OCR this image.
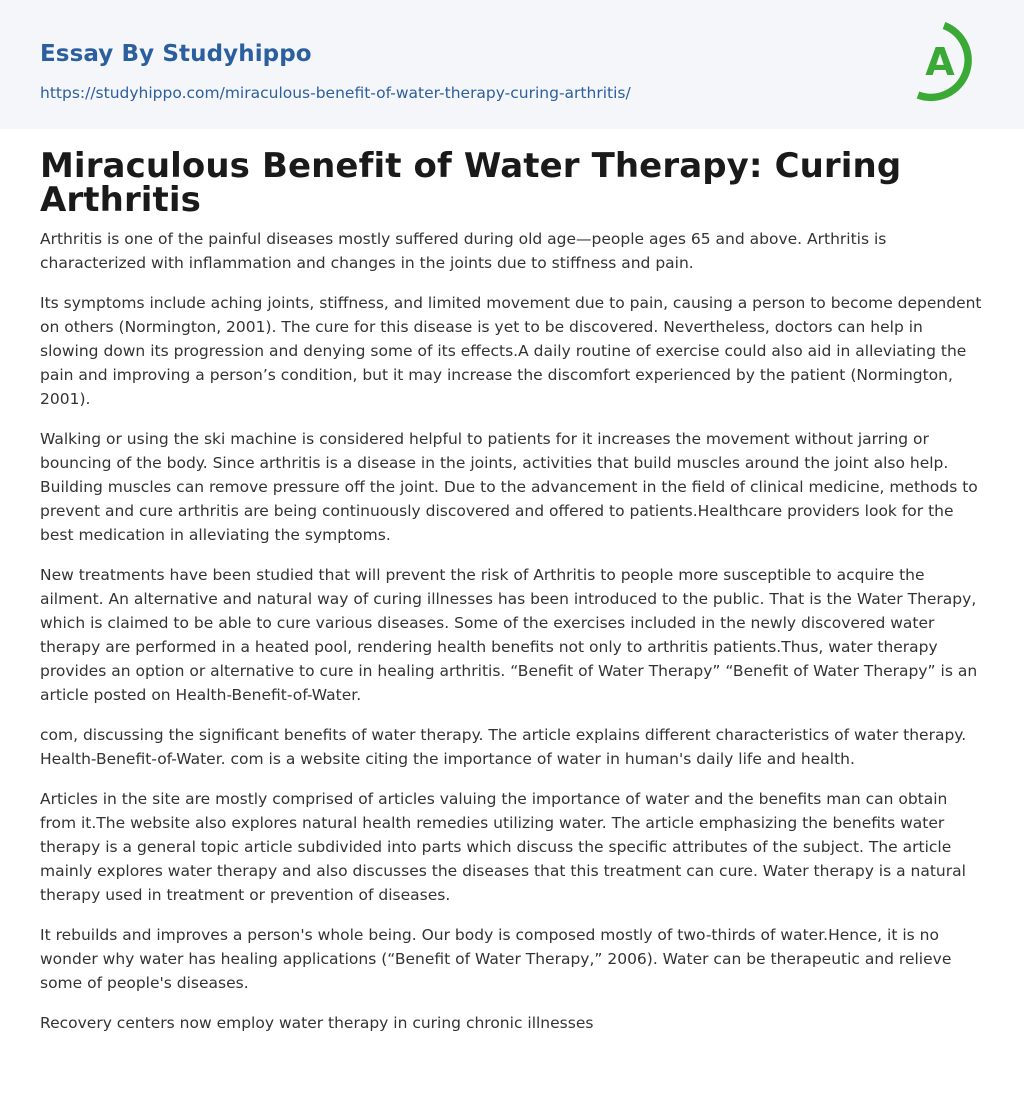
Essay By Studyhippo
https://studyhippo.com/miraculous-benefit-of-water-therapy-curing-arthritis/
A
Miraculous Benefit of Water Therapy: Curing Arthritis

Arthritis is one of the painful diseases mostly suffered during old age—people ages 65 and above. Arthritis is characterized with inflammation and changes in the joints due to stiffness and pain.

Its symptoms include aching joints, stiffness, and limited movement due to pain, causing a person to become dependent on others (Normington, 2001). The cure for this disease is yet to be discovered. Nevertheless, doctors can help in slowing down its progression and denying some of its effects.A daily routine of exercise could also aid in alleviating the pain and improving a person’s condition, but it may increase the discomfort experienced by the patient (Normington, 2001).

Walking or using the ski machine is considered helpful to patients for it increases the movement without jarring or bouncing of the body. Since arthritis is a disease in the joints, activities that build muscles around the joint also help. Building muscles can remove pressure off the joint. Due to the advancement in the field of clinical medicine, methods to prevent and cure arthritis are being continuously discovered and offered to patients.Healthcare providers look for the best medication in alleviating the symptoms.

New treatments have been studied that will prevent the risk of Arthritis to people more susceptible to acquire the ailment. An alternative and natural way of curing illnesses has been introduced to the public. That is the Water Therapy, which is claimed to be able to cure various diseases. Some of the exercises included in the newly discovered water therapy are performed in a heated pool, rendering health benefits not only to arthritis patients.Thus, water therapy provides an option or alternative to cure in healing arthritis. “Benefit of Water Therapy” “Benefit of Water Therapy” is an article posted on Health-Benefit-of-Water.

com, discussing the significant benefits of water therapy. The article explains different characteristics of water therapy. Health-Benefit-of-Water. com is a website citing the importance of water in human's daily life and health.

Articles in the site are mostly comprised of articles valuing the importance of water and the benefits man can obtain from it.The website also explores natural health remedies utilizing water. The article emphasizing the benefits water therapy is a general topic article subdivided into parts which discuss the specific attributes of the subject. The article mainly explores water therapy and also discusses the diseases that this treatment can cure. Water therapy is a natural therapy used in treatment or prevention of diseases.

It rebuilds and improves a person's whole being. Our body is composed mostly of two-thirds of water.Hence, it is no wonder why water has healing applications (“Benefit of Water Therapy,” 2006). Water can be therapeutic and relieve some of people's diseases.

Recovery centers now employ water therapy in curing chronic illnesses
